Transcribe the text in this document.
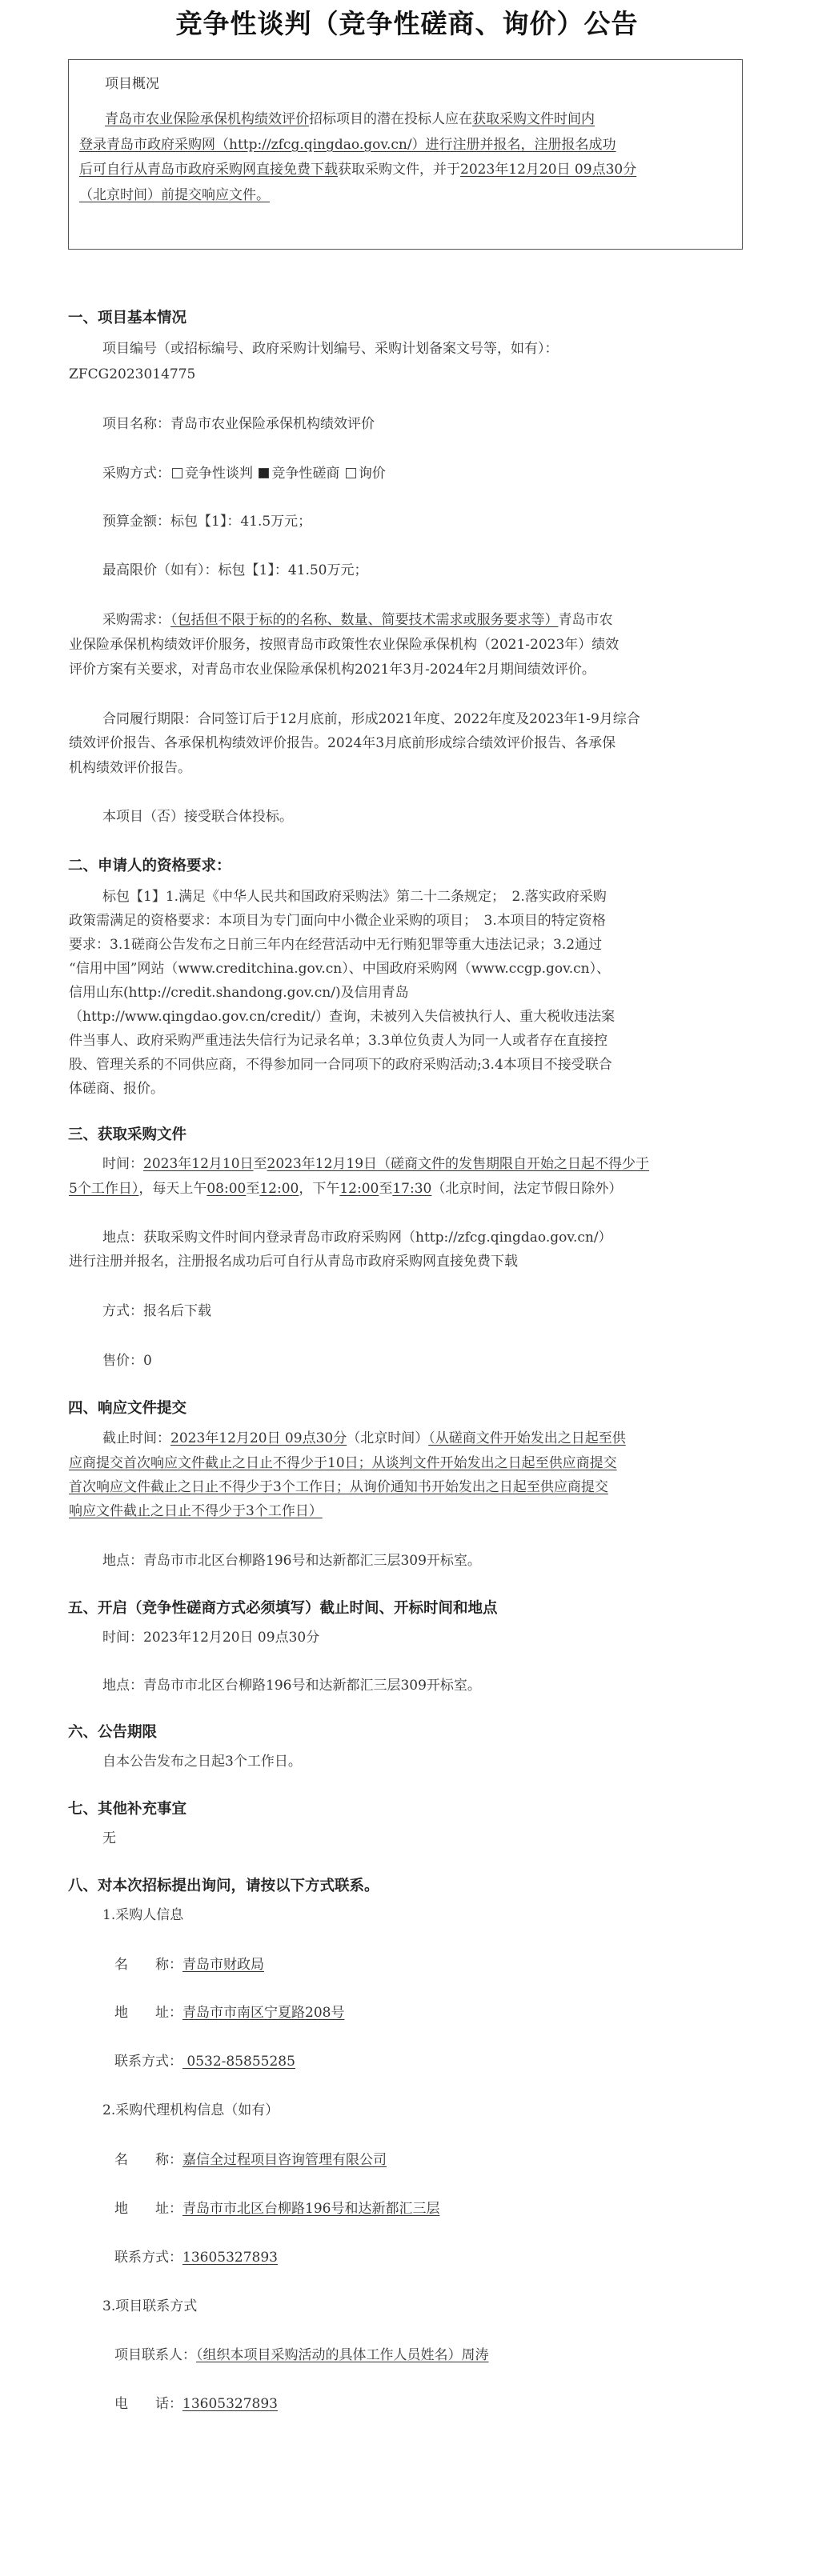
竞争性谈判（竞争性磋商、询价）公告
项目概况
青岛市农业保险承保机构绩效评价招标项目的潜在投标人应在获取采购文件时间内
登录青岛市政府采购网（http://zfcg.qingdao.gov.cn/）进行注册并报名，注册报名成功
后可自行从青岛市政府采购网直接免费下载获取采购文件，并于2023年12月20日 09点30分
（北京时间）前提交响应文件。
一、项目基本情况
项目编号（或招标编号、政府采购计划编号、采购计划备案文号等，如有）：
ZFCG2023014775
项目名称：青岛市农业保险承保机构绩效评价
采购方式： 竞争性谈判 竞争性磋商 询价
预算金额：标包【1】：41.5万元；
最高限价（如有）：标包【1】：41.50万元；
采购需求：（包括但不限于标的的名称、数量、简要技术需求或服务要求等）青岛市农
业保险承保机构绩效评价服务，按照青岛市政策性农业保险承保机构（2021-2023年）绩效
评价方案有关要求，对青岛市农业保险承保机构2021年3月-2024年2月期间绩效评价。
合同履行期限：合同签订后于12月底前，形成2021年度、2022年度及2023年1-9月综合
绩效评价报告、各承保机构绩效评价报告。2024年3月底前形成综合绩效评价报告、各承保
机构绩效评价报告。
本项目（否）接受联合体投标。
二、申请人的资格要求：
标包【1】1.满足《中华人民共和国政府采购法》第二十二条规定；　2.落实政府采购
政策需满足的资格要求：本项目为专门面向中小微企业采购的项目；　3.本项目的特定资格
要求：3.1磋商公告发布之日前三年内在经营活动中无行贿犯罪等重大违法记录；3.2通过
“信用中国”网站（www.creditchina.gov.cn）、中国政府采购网（www.ccgp.gov.cn）、
信用山东(http://credit.shandong.gov.cn/)及信用青岛
（http://www.qingdao.gov.cn/credit/）查询，未被列入失信被执行人、重大税收违法案
件当事人、政府采购严重违法失信行为记录名单；3.3单位负责人为同一人或者存在直接控
股、管理关系的不同供应商，不得参加同一合同项下的政府采购活动;3.4本项目不接受联合
体磋商、报价。
三、获取采购文件
时间：2023年12月10日至2023年12月19日（磋商文件的发售期限自开始之日起不得少于
5个工作日），每天上午08:00至12:00，下午12:00至17:30（北京时间，法定节假日除外）
地点：获取采购文件时间内登录青岛市政府采购网（http://zfcg.qingdao.gov.cn/）
进行注册并报名，注册报名成功后可自行从青岛市政府采购网直接免费下载
方式：报名后下载
售价：0
四、响应文件提交
截止时间：2023年12月20日 09点30分（北京时间）（从磋商文件开始发出之日起至供
应商提交首次响应文件截止之日止不得少于10日；从谈判文件开始发出之日起至供应商提交
首次响应文件截止之日止不得少于3个工作日；从询价通知书开始发出之日起至供应商提交
响应文件截止之日止不得少于3个工作日）
地点：青岛市市北区台柳路196号和达新都汇三层309开标室。
五、开启（竞争性磋商方式必须填写）截止时间、开标时间和地点
时间：2023年12月20日 09点30分
地点：青岛市市北区台柳路196号和达新都汇三层309开标室。
六、公告期限
自本公告发布之日起3个工作日。
七、其他补充事宜
无
八、对本次招标提出询问，请按以下方式联系。
1.采购人信息
名　　称：青岛市财政局
地　　址：青岛市市南区宁夏路208号
联系方式： 0532-85855285
2.采购代理机构信息（如有）
名　　称：嘉信全过程项目咨询管理有限公司
地　　址：青岛市市北区台柳路196号和达新都汇三层
联系方式：13605327893
3.项目联系方式
项目联系人：（组织本项目采购活动的具体工作人员姓名）周涛
电　　话：13605327893
